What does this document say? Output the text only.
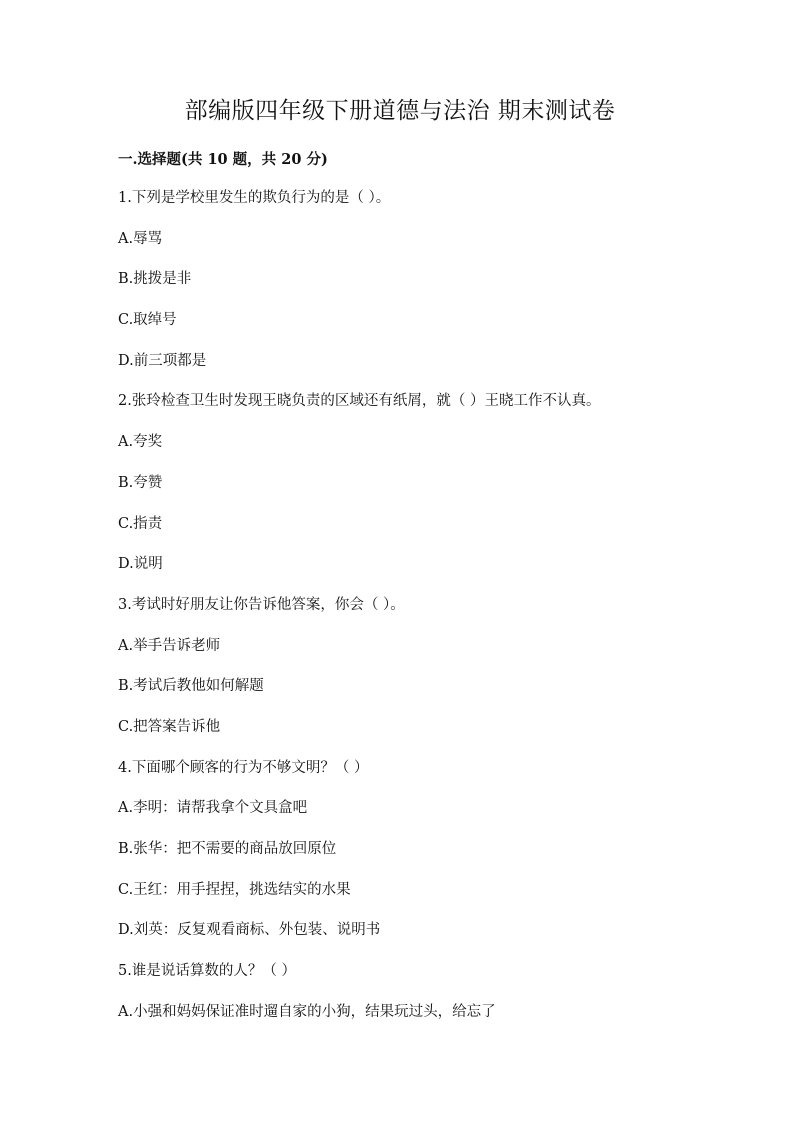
部编版四年级下册道德与法治 期末测试卷
一.选择题(共 10 题，共 20 分)

1.下列是学校里发生的欺负行为的是（ ）。

A.辱骂

B.挑拨是非

C.取绰号

D.前三项都是

2.张玲检查卫生时发现王晓负责的区域还有纸屑，就（ ）王晓工作不认真。

A.夸奖

B.夸赞

C.指责

D.说明

3.考试时好朋友让你告诉他答案，你会（ ）。

A.举手告诉老师

B.考试后教他如何解题

C.把答案告诉他

4.下面哪个顾客的行为不够文明？（ ）

A.李明：请帮我拿个文具盒吧

B.张华：把不需要的商品放回原位

C.王红：用手捏捏，挑选结实的水果

D.刘英：反复观看商标、外包装、说明书

5.谁是说话算数的人？（ ）

A.小强和妈妈保证准时遛自家的小狗，结果玩过头，给忘了
